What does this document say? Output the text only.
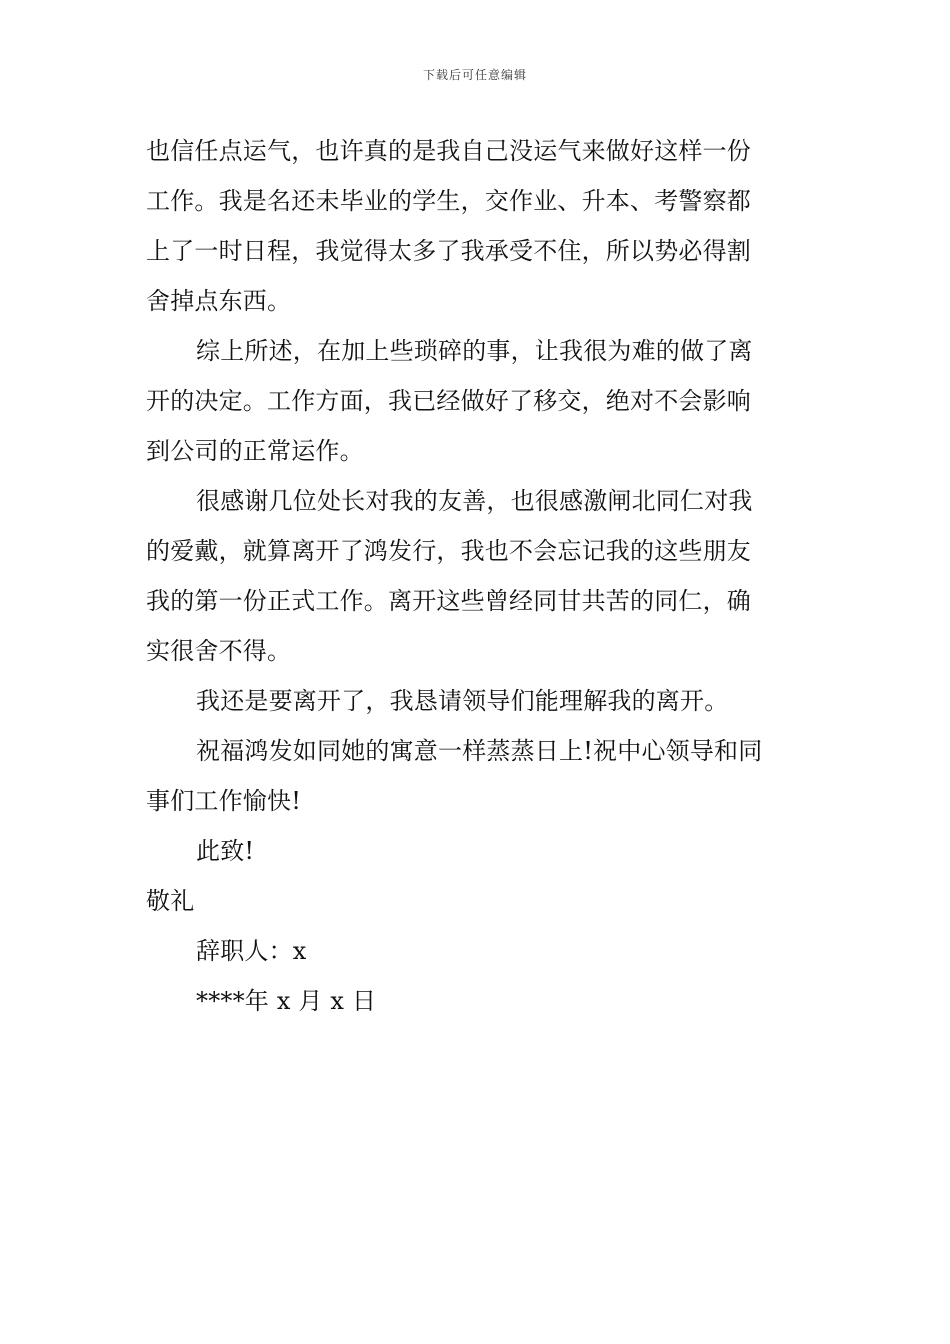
下载后可任意编辑
也信任点运气，也许真的是我自己没运气来做好这样一份
工作。我是名还未毕业的学生，交作业、升本、考警察都
上了一时日程，我觉得太多了我承受不住，所以势必得割
舍掉点东西。
综上所述，在加上些琐碎的事，让我很为难的做了离
开的决定。工作方面，我已经做好了移交，绝对不会影响
到公司的正常运作。
很感谢几位处长对我的友善，也很感激闸北同仁对我
的爱戴，就算离开了鸿发行，我也不会忘记我的这些朋友
我的第一份正式工作。离开这些曾经同甘共苦的同仁，确
实很舍不得。
我还是要离开了，我恳请领导们能理解我的离开。
祝福鸿发如同她的寓意一样蒸蒸日上!祝中心领导和同
事们工作愉快!
此致!
敬礼
辞职人：x
****年 x 月 x 日
